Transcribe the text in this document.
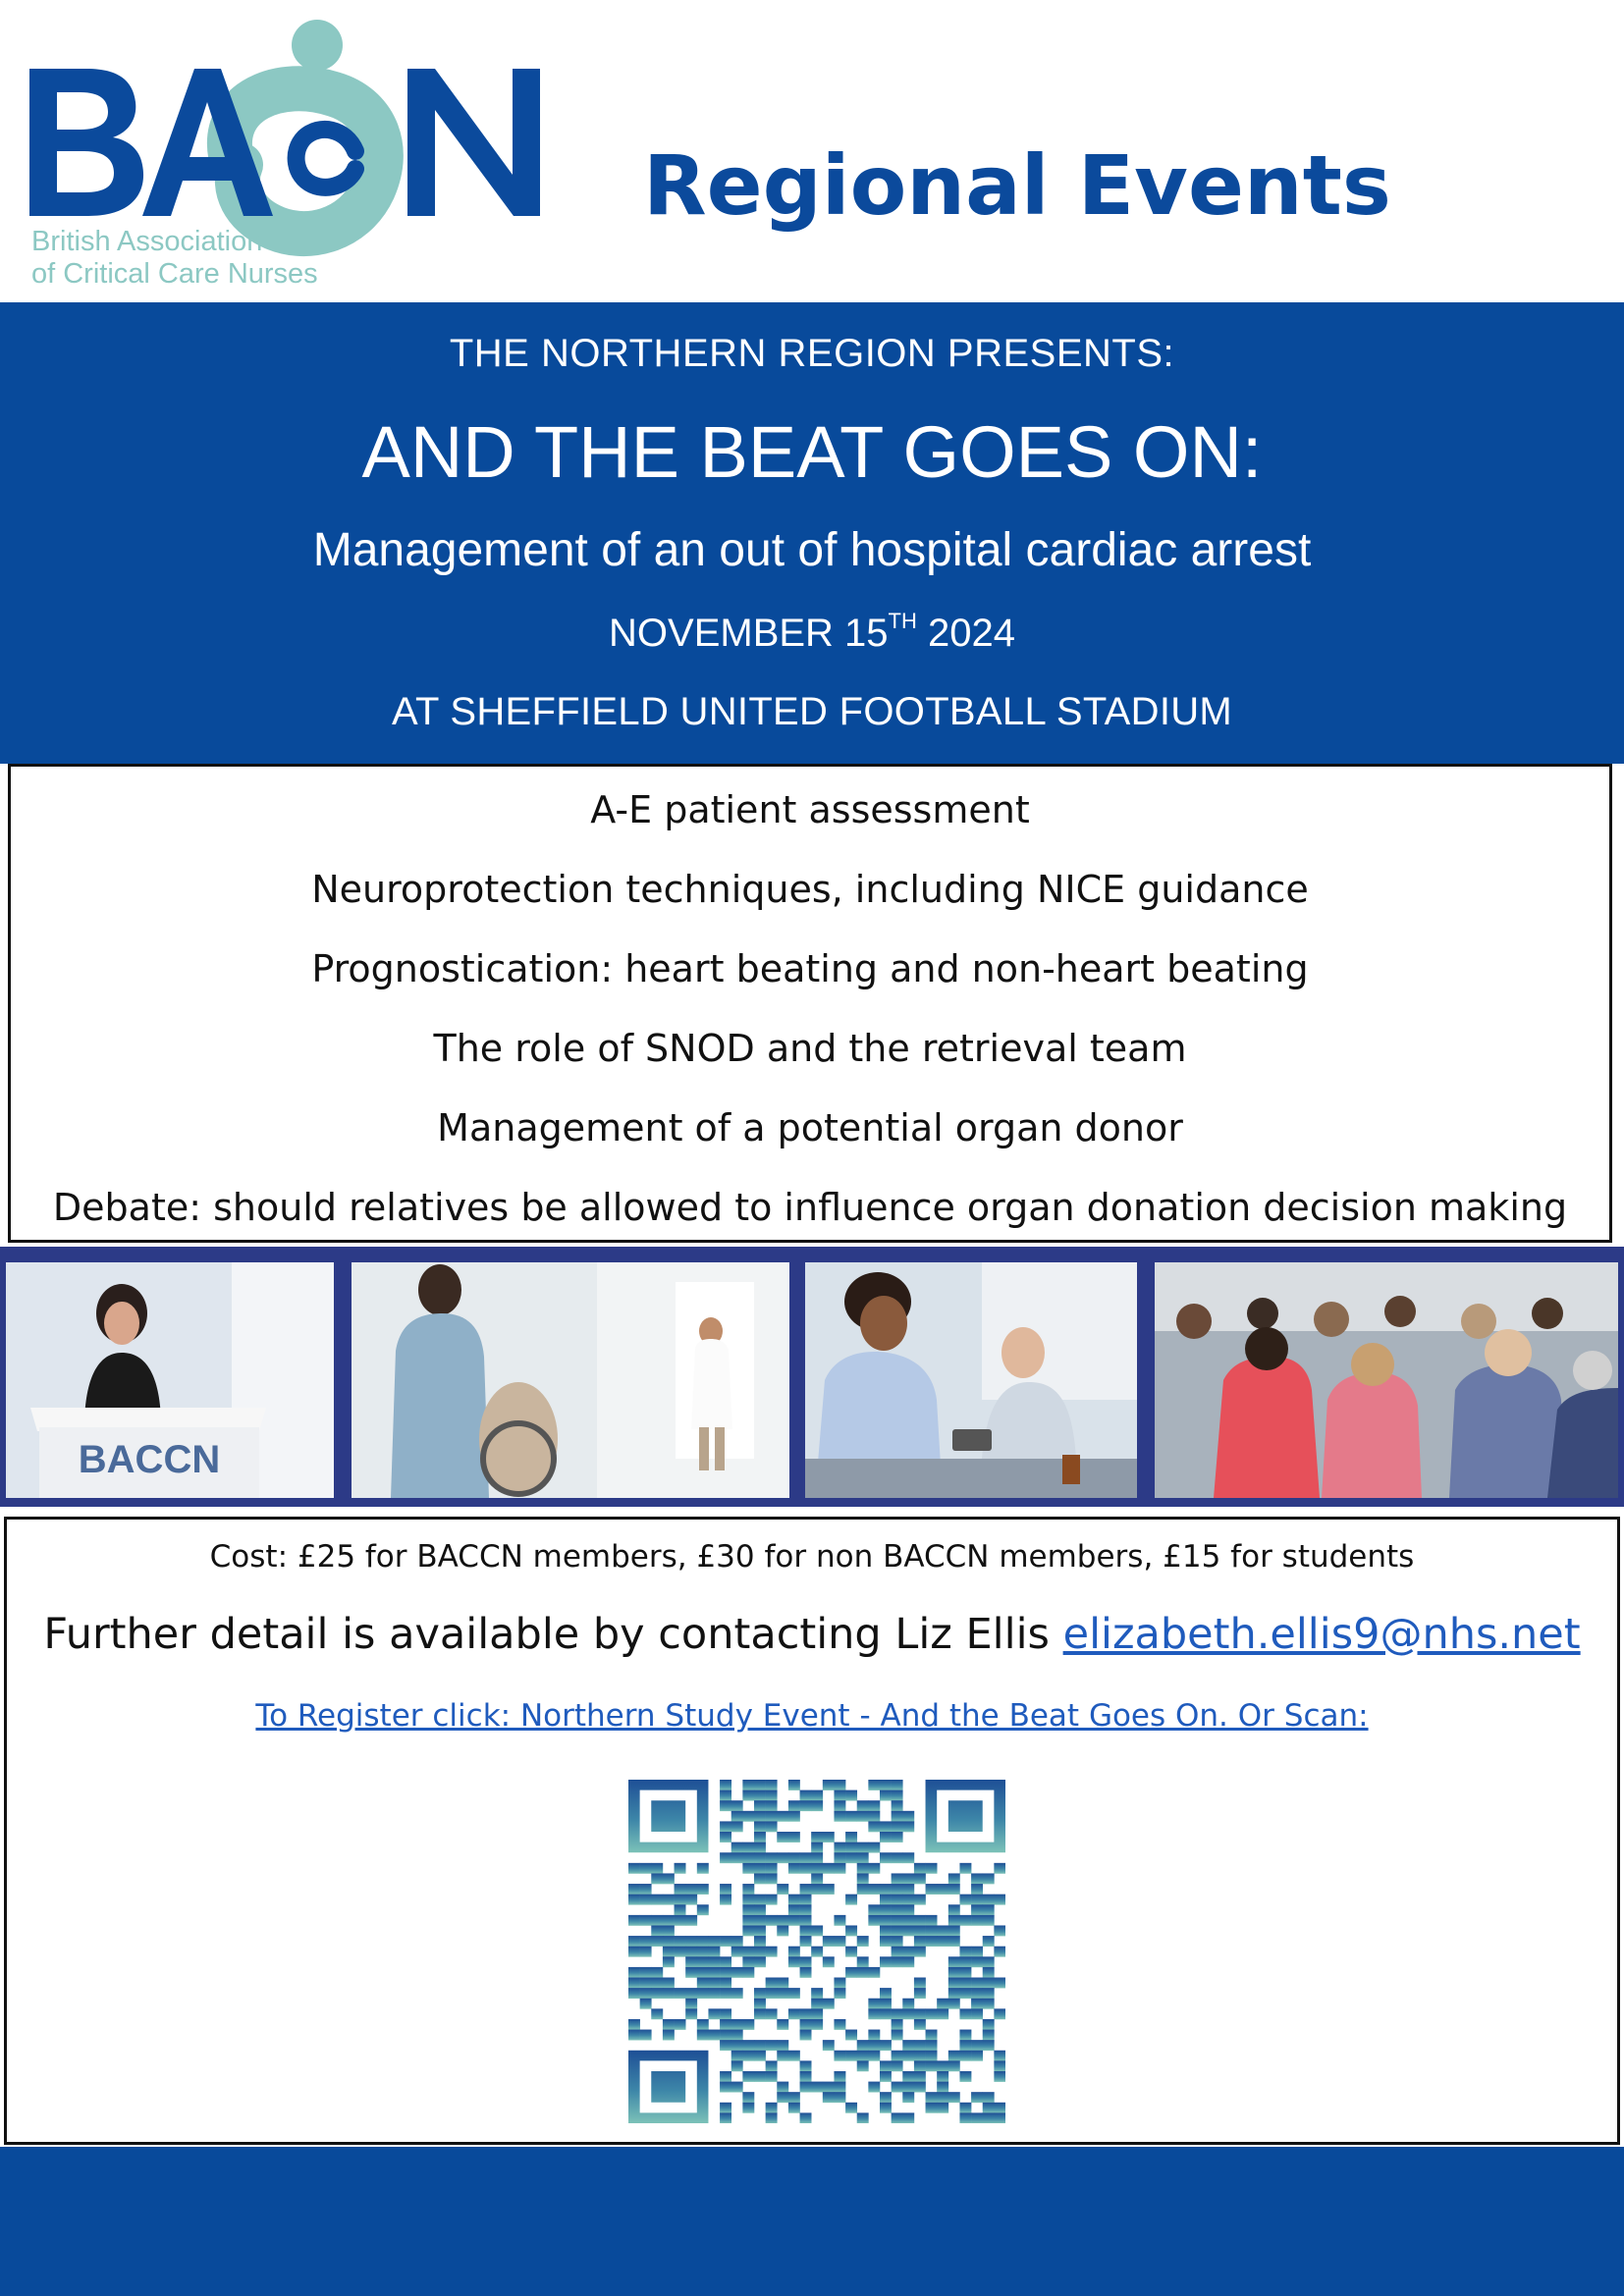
British Association
of Critical Care Nurses
Regional Events
THE NORTHERN REGION PRESENTS:
AND THE BEAT GOES ON:
Management of an out of hospital cardiac arrest
NOVEMBER 15TH 2024
AT SHEFFIELD UNITED FOOTBALL STADIUM
A-E patient assessment
Neuroprotection techniques, including NICE guidance
Prognostication: heart beating and non-heart beating
The role of SNOD and the retrieval team
Management of a potential organ donor
Debate: should relatives be allowed to influence organ donation decision making
BACCN
Cost: £25 for BACCN members, £30 for non BACCN members, £15 for students
Further detail is available by contacting Liz Ellis elizabeth.ellis9@nhs.net
To Register click: Northern Study Event - And the Beat Goes On. Or Scan:
